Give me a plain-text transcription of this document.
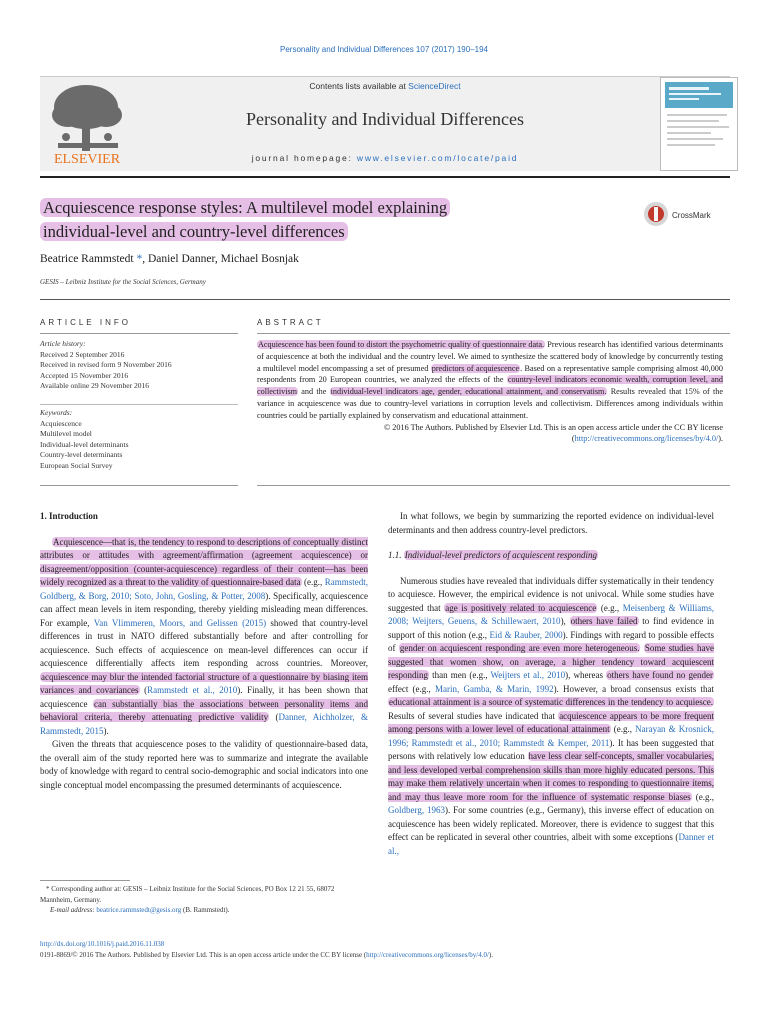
Personality and Individual Differences 107 (2017) 190–194
ELSEVIER
Contents lists available at ScienceDirect
Personality and Individual Differences
journal homepage: www.elsevier.com/locate/paid
Acquiescence response styles: A multilevel model explaining
individual-level and country-level differences
CrossMark
Beatrice Rammstedt *, Daniel Danner, Michael Bosnjak
GESIS – Leibniz Institute for the Social Sciences, Germany
ARTICLE INFO	ABSTRACT
Article history:
Received 2 September 2016
Received in revised form 9 November 2016
Accepted 15 November 2016
Available online 29 November 2016
Keywords:
Acquiescence
Multilevel model
Individual-level determinants
Country-level determinants
European Social Survey
Acquiescence has been found to distort the psychometric quality of questionnaire data. Previous research has identified various determinants of acquiescence at both the individual and the country level. We aimed to synthesize the scattered body of knowledge by concurrently testing a multilevel model encompassing a set of presumed predictors of acquiescence. Based on a representative sample comprising almost 40,000 respondents from 20 European countries, we analyzed the effects of the country-level indicators economic wealth, corruption level, and collectivism and the individual-level indicators age, gender, educational attainment, and conservatism. Results revealed that 15% of the variance in acquiescence was due to country-level variations in corruption levels and collectivism. Differences among individuals within countries could be partially explained by conservatism and educational attainment.
© 2016 The Authors. Published by Elsevier Ltd. This is an open access article under the CC BY license (http://creativecommons.org/licenses/by/4.0/).
1. Introduction

Acquiescence—that is, the tendency to respond to descriptions of conceptually distinct attributes or attitudes with agreement/affirmation (agreement acquiescence) or disagreement/opposition (counter-acquiescence) regardless of their content—has been widely recognized as a threat to the validity of questionnaire-based data (e.g., Rammstedt, Goldberg, & Borg, 2010; Soto, John, Gosling, & Potter, 2008). Specifically, acquiescence can affect mean levels in item responding, thereby yielding misleading mean differences. For example, Van Vlimmeren, Moors, and Gelissen (2015) showed that country-level differences in trust in NATO differed substantially before and after controlling for acquiescence. Such effects of acquiescence on mean-level differences can occur if acquiescence differentially affects item responding across countries. Moreover, acquiescence may blur the intended factorial structure of a questionnaire by biasing item variances and covariances (Rammstedt et al., 2010). Finally, it has been shown that acquiescence can substantially bias the associations between personality items and behavioral criteria, thereby attenuating predictive validity (Danner, Aichholzer, & Rammstedt, 2015).

Given the threats that acquiescence poses to the validity of questionnaire-based data, the overall aim of the study reported here was to summarize and integrate the available body of knowledge with regard to central socio-demographic and social indicators into one single conceptual model encompassing the presumed determinants of acquiescence.

In what follows, we begin by summarizing the reported evidence on individual-level determinants and then address country-level predictors.

1.1. Individual-level predictors of acquiescent responding

Numerous studies have revealed that individuals differ systematically in their tendency to acquiesce. However, the empirical evidence is not univocal. While some studies have suggested that age is positively related to acquiescence (e.g., Meisenberg & Williams, 2008; Weijters, Geuens, & Schillewaert, 2010), others have failed to find evidence in support of this notion (e.g., Eid & Rauber, 2000). Findings with regard to possible effects of gender on acquiescent responding are even more heterogeneous. Some studies have suggested that women show, on average, a higher tendency toward acquiescent responding than men (e.g., Weijters et al., 2010), whereas others have found no gender effect (e.g., Marin, Gamba, & Marin, 1992). However, a broad consensus exists that educational attainment is a source of systematic differences in the tendency to acquiesce. Results of several studies have indicated that acquiescence appears to be more frequent among persons with a lower level of educational attainment (e.g., Narayan & Krosnick, 1996; Rammstedt et al., 2010; Rammstedt & Kemper, 2011). It has been suggested that persons with relatively low education have less clear self-concepts, smaller vocabularies, and less developed verbal comprehension skills than more highly educated persons. This may make them relatively uncertain when it comes to responding to questionnaire items, and may thus leave more room for the influence of systematic response biases (e.g., Goldberg, 1963). For some countries (e.g., Germany), this inverse effect of education on acquiescence has been widely replicated. Moreover, there is evidence to suggest that this effect can be replicated in several other countries, albeit with some exceptions (Danner et al.,

* Corresponding author at: GESIS – Leibniz Institute for the Social Sciences, PO Box 12 21 55, 68072 Mannheim, Germany.
E-mail address: beatrice.rammstedt@gesis.org (B. Rammstedt).
http://dx.doi.org/10.1016/j.paid.2016.11.038
0191-8869/© 2016 The Authors. Published by Elsevier Ltd. This is an open access article under the CC BY license (http://creativecommons.org/licenses/by/4.0/).
